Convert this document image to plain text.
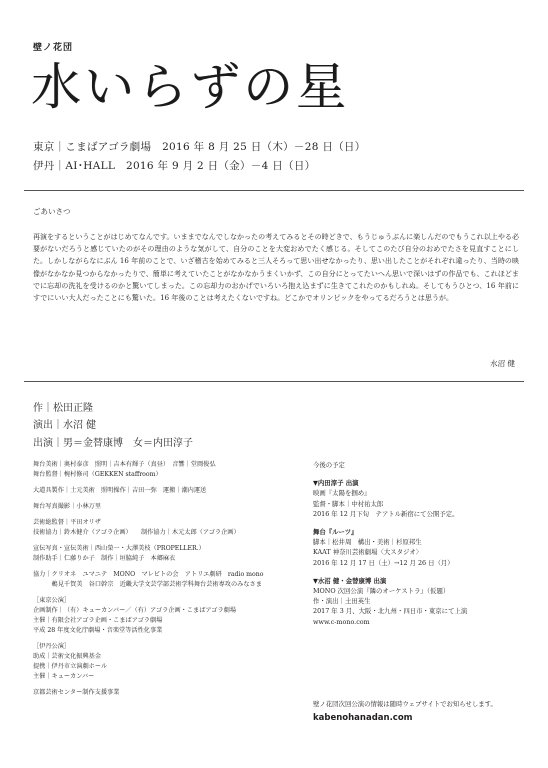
壁ノ花団
水いらずの星
東京｜こまばアゴラ劇場　2016 年 8 月 25 日（木）－28 日（日）
伊丹｜AI･HALL　2016 年 9 月 2 日（金）－4 日（日）
ごあいさつ
再演をするということがはじめてなんです。いままでなんでしなかったの考えてみるとその時どきで、もうじゅうぶんに楽しんだのでもうこれ以上やる必要がないだろうと感じていたのがその理由のような気がして、自分のことを大変おめでたく感じる。そしてこのたび自分のおめでたさを見直すことにした。しかしながらなにぶん 16 年前のことで、いざ稽古を始めてみると三人そろって思い出せなかったり、思い出したことがそれぞれ違ったり、当時の映像がなかなか見つからなかったりで、簡単に考えていたことがなかなかうまくいかず、この自分にとってたいへん思いで深いはずの作品でも、これほどまでに忘却の洗礼を受けるのかと驚いてしまった。この忘却力のおかげでいろいろ抱え込まずに生きてこれたのかもしれぬ。そしてもうひとつ、16 年前にすでにいい大人だったことにも驚いた。16 年後のことは考えたくないですね。どこかでオリンピックをやってるだろうとは思うが。
水沼 健
作｜松田正隆
演出｜水沼 健
出演｜男＝金替康博　女＝内田淳子
舞台美術｜奥村泰彦　照明｜吉本有輝子（真昼）　音響｜堂岡俊弘
舞台監督｜椀村修司（GEKKEN staffroom）
大道具製作｜土元美術　照明操作｜吉田一弥　運搬｜潮内運送
舞台写真撮影｜小林万里
芸術総監督｜平田オリザ
技術協力｜鈴木健介（アゴラ企画）　　制作協力｜木元太郎（アゴラ企画）
宣伝写真・宣伝美術｜西山榮一・大澤美枝（PROPELLER.）
制作助手｜仁藤りか子　制作｜垣脇純子　本郷麻衣
協力｜クリオネ　ユマニテ　MONO　マレビトの会　アトリエ劇研　radio mono
　　　鶫見千賀美　谷口幹宗　近畿大学文芸学部芸術学科舞台芸術専攻のみなさま
［東京公演］
企画制作｜（有）キューカンバー／（有）アゴラ企画・こまばアゴラ劇場
主催｜有限会社アゴラ企画・こまばアゴラ劇場
平成 28 年度文化庁劇場・音楽堂等活性化事業
［伊丹公演］
助成｜芸術文化振興基金
提携｜伊丹市立演劇ホール
主催｜キューカンバー
京都芸術センター制作支援事業
今後の予定
▼内田淳子 出演
映画『太陽を掴め』
監督・脚本｜中村祐太郎
2016 年 12 月下旬　テアトル新宿にて公開予定。
舞台『ルーツ』
脚本｜松井周　構出・美術｜杉原邦生
KAAT 神奈川芸術劇場〈大スタジオ〉
2016 年 12 月 17 日（土）→12 月 26 日（月）
▼水沼 健・金替康博 出演
MONO 次回公演『隣のオーケストラ』（仮題）
作・演出｜土田英生
2017 年 3 月、大阪・北九州・四日市・東京にて上演
www.c-mono.com
壁ノ花団次回公演の情報は随時ウェブサイトでお知らせします。
kabenohanadan.com
